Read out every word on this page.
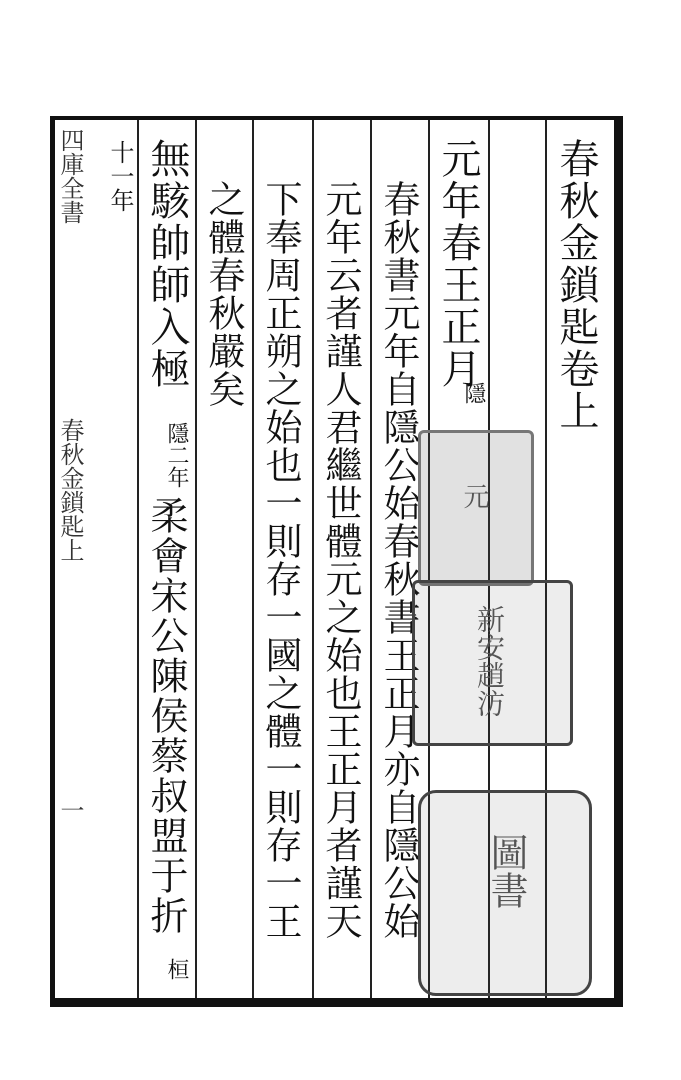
春秋金鎖匙卷上
元年春王正月
隱
春秋書元年自隱公始春秋書王正月亦自隱公始
元年云者謹人君繼世體元之始也王正月者謹天
下奉周正朔之始也一則存一國之體一則存一王
之體春秋嚴矣
無駭帥師入極
隱二年
柔會宋公陳侯蔡叔盟于折
桓
十一年
四庫全書
春秋金鎖匙上
一
元
新安趙汸
圖書
